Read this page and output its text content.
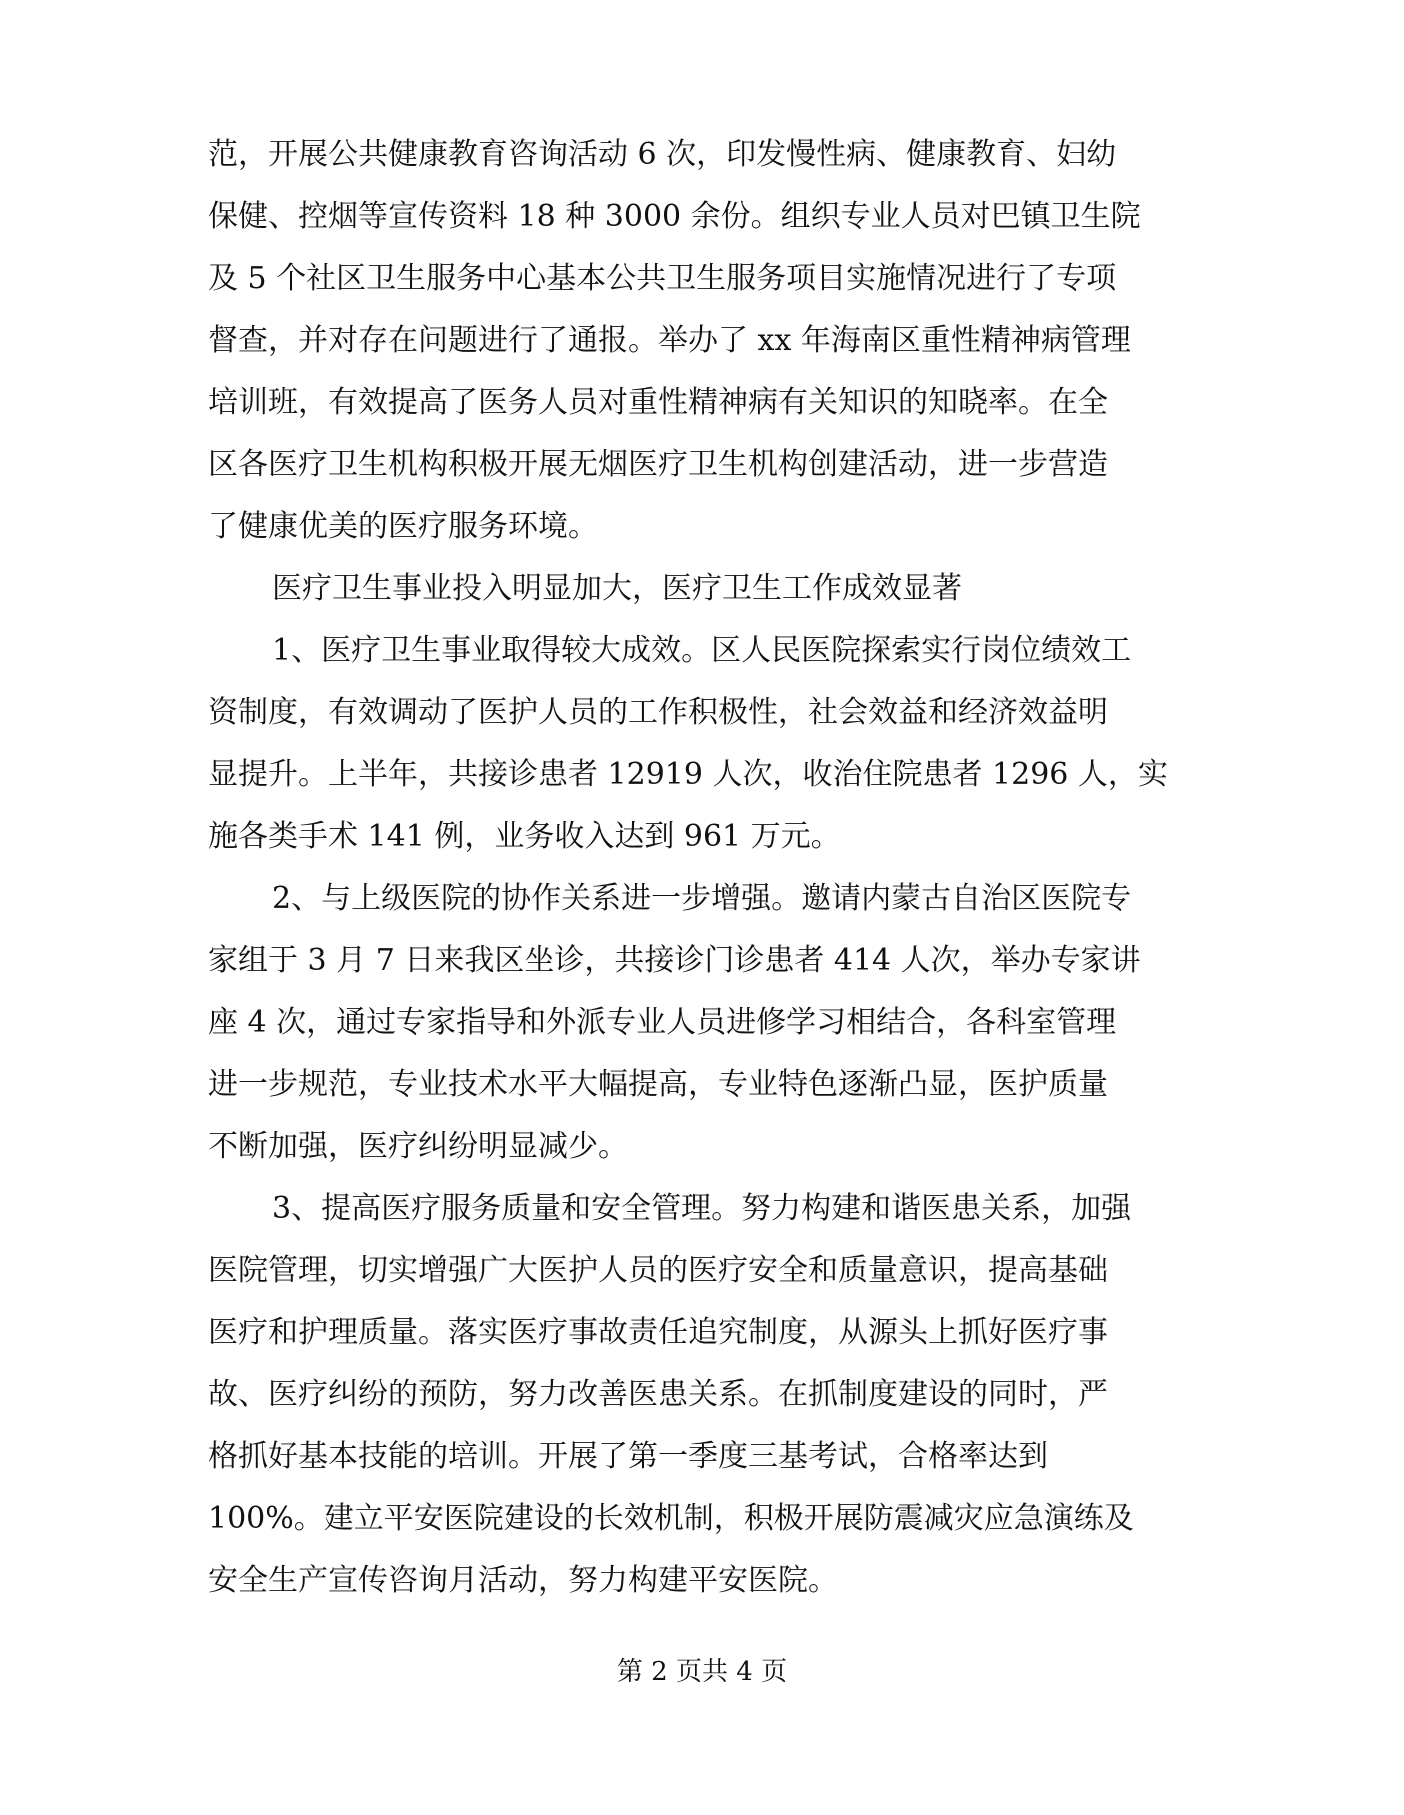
范，开展公共健康教育咨询活动 6 次，印发慢性病、健康教育、妇幼
保健、控烟等宣传资料 18 种 3000 余份。组织专业人员对巴镇卫生院
及 5 个社区卫生服务中心基本公共卫生服务项目实施情况进行了专项
督查，并对存在问题进行了通报。举办了 xx 年海南区重性精神病管理
培训班，有效提高了医务人员对重性精神病有关知识的知晓率。在全
区各医疗卫生机构积极开展无烟医疗卫生机构创建活动，进一步营造
了健康优美的医疗服务环境。
医疗卫生事业投入明显加大，医疗卫生工作成效显著
1、医疗卫生事业取得较大成效。区人民医院探索实行岗位绩效工
资制度，有效调动了医护人员的工作积极性，社会效益和经济效益明
显提升。上半年，共接诊患者 12919 人次，收治住院患者 1296 人，实
施各类手术 141 例，业务收入达到 961 万元。
2、与上级医院的协作关系进一步增强。邀请内蒙古自治区医院专
家组于 3 月 7 日来我区坐诊，共接诊门诊患者 414 人次，举办专家讲
座 4 次，通过专家指导和外派专业人员进修学习相结合，各科室管理
进一步规范，专业技术水平大幅提高，专业特色逐渐凸显，医护质量
不断加强，医疗纠纷明显减少。
3、提高医疗服务质量和安全管理。努力构建和谐医患关系，加强
医院管理，切实增强广大医护人员的医疗安全和质量意识，提高基础
医疗和护理质量。落实医疗事故责任追究制度，从源头上抓好医疗事
故、医疗纠纷的预防，努力改善医患关系。在抓制度建设的同时，严
格抓好基本技能的培训。开展了第一季度三基考试，合格率达到
100%。建立平安医院建设的长效机制，积极开展防震减灾应急演练及
安全生产宣传咨询月活动，努力构建平安医院。
第 2 页共 4 页
